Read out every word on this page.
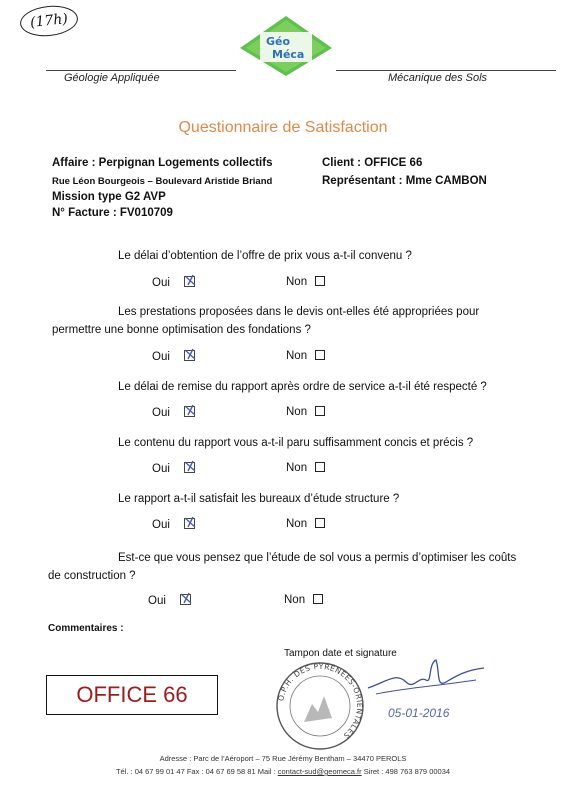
(17h)
Géo
Méca
Géologie Appliquée	Mécanique des Sols
Questionnaire de Satisfaction
Affaire : Perpignan Logements collectifs
Rue Léon Bourgeois – Boulevard Aristide Briand
Mission type G2 AVP
N° Facture : FV010709
Client : OFFICE 66
Représentant : Mme CAMBON
Le délai d’obtention de l’offre de prix vous a-t-il convenu ?
Oui	Non
Les prestations proposées dans le devis ont-elles été appropriées pour
permettre une bonne optimisation des fondations ?
Oui	Non
Le délai de remise du rapport après ordre de service a-t-il été respecté ?
Oui	Non
Le contenu du rapport vous a-t-il paru suffisamment concis et précis ?
Oui	Non
Le rapport a-t-il satisfait les bureaux d’étude structure ?
Oui	Non
Est-ce que vous pensez que l’étude de sol vous a permis d’optimiser les coûts
de construction ?
Oui	Non
Commentaires :
Tampon date et signature
OFFICE 66	O.P.H. DES PYRÉNÉES-ORIENTALES
05-01-2016
Adresse : Parc de l’Aéroport – 75 Rue Jérémy Bentham – 34470 PEROLS
Tél. : 04 67 99 01 47 Fax : 04 67 69 58 81 Mail : contact-sud@geomeca.fr Siret : 498 763 879 00034
